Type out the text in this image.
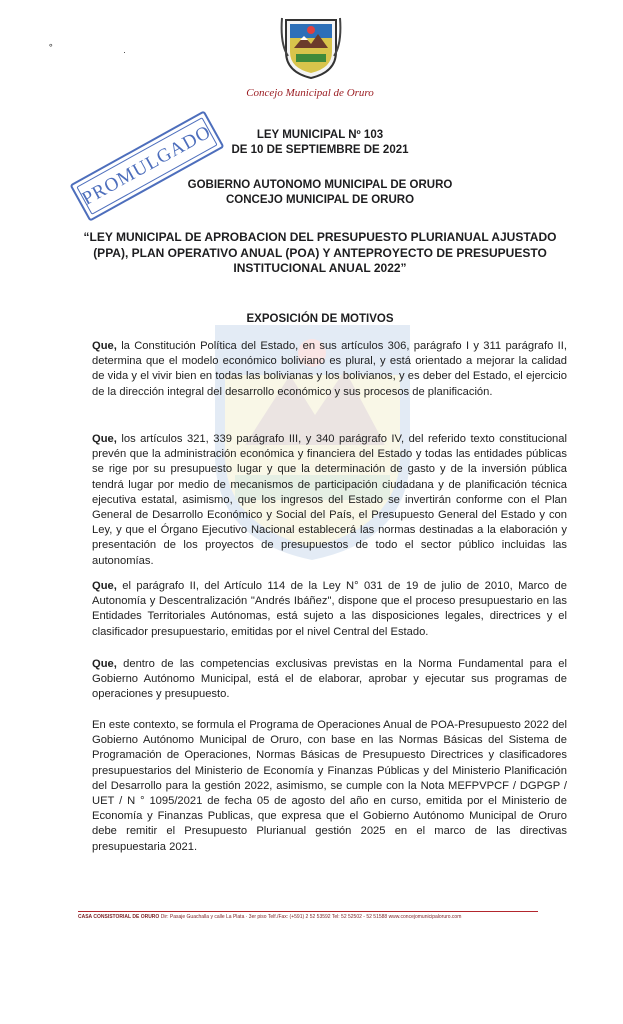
∘
·
Concejo Municipal de Oruro
PROMULGADO	LEY MUNICIPAL Nº 103
DE 10 DE SEPTIEMBRE DE 2021
GOBIERNO AUTONOMO MUNICIPAL DE ORURO
CONCEJO MUNICIPAL DE ORURO
“LEY MUNICIPAL DE APROBACION DEL PRESUPUESTO PLURIANUAL AJUSTADO (PPA), PLAN OPERATIVO ANUAL (POA) Y ANTEPROYECTO DE PRESUPUESTO INSTITUCIONAL ANUAL 2022”
EXPOSICIÓN DE MOTIVOS
Que, la Constitución Política del Estado, en sus artículos 306, parágrafo I y 311 parágrafo II, determina que el modelo económico boliviano es plural, y está orientado a mejorar la calidad de vida y el vivir bien en todas las bolivianas y los bolivianos, y es deber del Estado, el ejercicio de la dirección integral del desarrollo económico y sus procesos de planificación.
Que, los artículos 321, 339 parágrafo III, y 340 parágrafo IV, del referido texto constitucional prevén que la administración económica y financiera del Estado y todas las entidades públicas se rige por su presupuesto lugar y que la determinación de gasto y de la inversión pública tendrá lugar por medio de mecanismos de participación ciudadana y de planificación técnica ejecutiva estatal, asimismo, que los ingresos del Estado se invertirán conforme con el Plan General de Desarrollo Económico y Social del País, el Presupuesto General del Estado y con Ley, y que el Órgano Ejecutivo Nacional establecerá las normas destinadas a la elaboración y presentación de los proyectos de presupuestos de todo el sector público incluidas las autonomías.
Que, el parágrafo II, del Artículo 114 de la Ley N° 031 de 19 de julio de 2010, Marco de Autonomía y Descentralización "Andrés Ibáñez", dispone que el proceso presupuestario en las Entidades Territoriales Autónomas, está sujeto a las disposiciones legales, directrices y el clasificador presupuestario, emitidas por el nivel Central del Estado.
Que, dentro de las competencias exclusivas previstas en la Norma Fundamental para el Gobierno Autónomo Municipal, está el de elaborar, aprobar y ejecutar sus programas de operaciones y presupuesto.
En este contexto, se formula el Programa de Operaciones Anual de POA-Presupuesto 2022 del Gobierno Autónomo Municipal de Oruro, con base en las Normas Básicas del Sistema de Programación de Operaciones, Normas Básicas de Presupuesto Directrices y clasificadores presupuestarios del Ministerio de Economía y Finanzas Públicas y del Ministerio Planificación del Desarrollo para la gestión 2022, asimismo, se cumple con la Nota MEFPVPCF / DGPGP / UET / N ° 1095/2021 de fecha 05 de agosto del año en curso, emitida por el Ministerio de Economía y Finanzas Publicas, que expresa que el Gobierno Autónomo Municipal de Oruro debe remitir el Presupuesto Plurianual gestión 2025 en el marco de las directivas presupuestaria 2021.
CASA CONSISTORIAL DE ORURO Dir: Pasaje Guachalla y calle La Plata · 3er piso Telf./Fax: (+591) 2 52 53592 Tel: 52 52502 - 52 51588 www.concejomunicipaloruro.com
